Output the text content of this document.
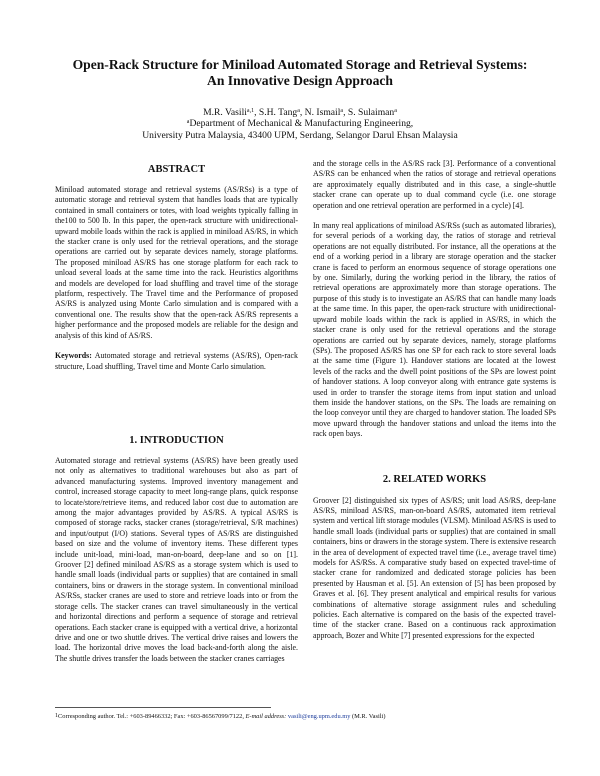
Open-Rack Structure for Miniload Automated Storage and Retrieval Systems:
An Innovative Design Approach
M.R. Vasili$^{a,1}$, S.H. Tang$^a$, N. Ismail$^a$, S. Sulaiman$^a$
$^a$Department of Mechanical & Manufacturing Engineering,
University Putra Malaysia, 43400 UPM, Serdang, Selangor Darul Ehsan Malaysia
ABSTRACT

Miniload automated storage and retrieval systems (AS/RSs) is a type of automatic storage and retrieval system that handles loads that are typically contained in small containers or totes, with load weights typically falling in the100 to 500 lb. In this paper, the open-rack structure with unidirectional-upward mobile loads within the rack is applied in miniload AS/RS, in which the stacker crane is only used for the retrieval operations, and the storage operations are carried out by separate devices namely, storage platforms. The proposed miniload AS/RS has one storage platform for each rack to unload several loads at the same time into the rack. Heuristics algorithms and models are developed for load shuffling and travel time of the storage platform, respectively. The Travel time and the Performance of proposed AS/RS is analyzed using Monte Carlo simulation and is compared with a conventional one. The results show that the open-rack AS/RS represents a higher performance and the proposed models are reliable for the design and analysis of this kind of AS/RS.

Keywords: Automated storage and retrieval systems (AS/RS), Open-rack structure, Load shuffling, Travel time and Monte Carlo simulation.

1. INTRODUCTION

Automated storage and retrieval systems (AS/RS) have been greatly used not only as alternatives to traditional warehouses but also as part of advanced manufacturing systems. Improved inventory management and control, increased storage capacity to meet long-range plans, quick response to locate/store/retrieve items, and reduced labor cost due to automation are among the major advantages provided by AS/RS. A typical AS/RS is composed of storage racks, stacker cranes (storage/retrieval, S/R machines) and input/output (I/O) stations. Several types of AS/RS are distinguished based on size and the volume of inventory items. These different types include unit-load, mini-load, man-on-board, deep-lane and so on [1]. Groover [2] defined miniload AS/RS as a storage system which is used to handle small loads (individual parts or supplies) that are contained in small containers, bins or drawers in the storage system. In conventional miniload AS/RSs, stacker cranes are used to store and retrieve loads into or from the storage cells. The stacker cranes can travel simultaneously in the vertical and horizontal directions and perform a sequence of storage and retrieval operations. Each stacker crane is equipped with a vertical drive, a horizontal drive and one or two shuttle drives. The vertical drive raises and lowers the load. The horizontal drive moves the load back-and-forth along the aisle. The shuttle drives transfer the loads between the stacker cranes carriages

and the storage cells in the AS/RS rack [3]. Performance of a conventional AS/RS can be enhanced when the ratios of storage and retrieval operations are approximately equally distributed and in this case, a single-shuttle stacker crane can operate up to dual command cycle (i.e. one storage operation and one retrieval operation are performed in a cycle) [4].

In many real applications of miniload AS/RSs (such as automated libraries), for several periods of a working day, the ratios of storage and retrieval operations are not equally distributed. For instance, all the operations at the end of a working period in a library are storage operation and the stacker crane is faced to perform an enormous sequence of storage operations one by one. Similarly, during the working period in the library, the ratios of retrieval operations are approximately more than storage operations. The purpose of this study is to investigate an AS/RS that can handle many loads at the same time. In this paper, the open-rack structure with unidirectional-upward mobile loads within the rack is applied in AS/RS, in which the stacker crane is only used for the retrieval operations and the storage operations are carried out by separate devices, namely, storage platforms (SPs). The proposed AS/RS has one SP for each rack to store several loads at the same time (Figure 1). Handover stations are located at the lowest levels of the racks and the dwell point positions of the SPs are lowest point of handover stations. A loop conveyor along with entrance gate systems is used in order to transfer the storage items from input station and unload them inside the handover stations, on the SPs. The loads are remaining on the loop conveyor until they are charged to handover station. The loaded SPs move upward through the handover stations and unload the items into the rack open bays.

2. RELATED WORKS

Groover [2] distinguished six types of AS/RS; unit load AS/RS, deep-lane AS/RS, miniload AS/RS, man-on-board AS/RS, automated item retrieval system and vertical lift storage modules (VLSM). Miniload AS/RS is used to handle small loads (individual parts or supplies) that are contained in small containers, bins or drawers in the storage system. There is extensive research in the area of development of expected travel time (i.e., average travel time) models for AS/RSs. A comparative study based on expected travel-time of stacker crane for randomized and dedicated storage policies has been presented by Hausman et al. [5]. An extension of [5] has been proposed by Graves et al. [6]. They present analytical and empirical results for various combinations of alternative storage assignment rules and scheduling policies. Each alternative is compared on the basis of the expected travel-time of the stacker crane. Based on a continuous rack approximation approach, Bozer and White [7] presented expressions for the expected

$^1$Corresponding author. Tel.: +603-89466332; Fax: +603-86567099/7122, E-mail address: vasili@eng.upm.edu.my (M.R. Vasili)
